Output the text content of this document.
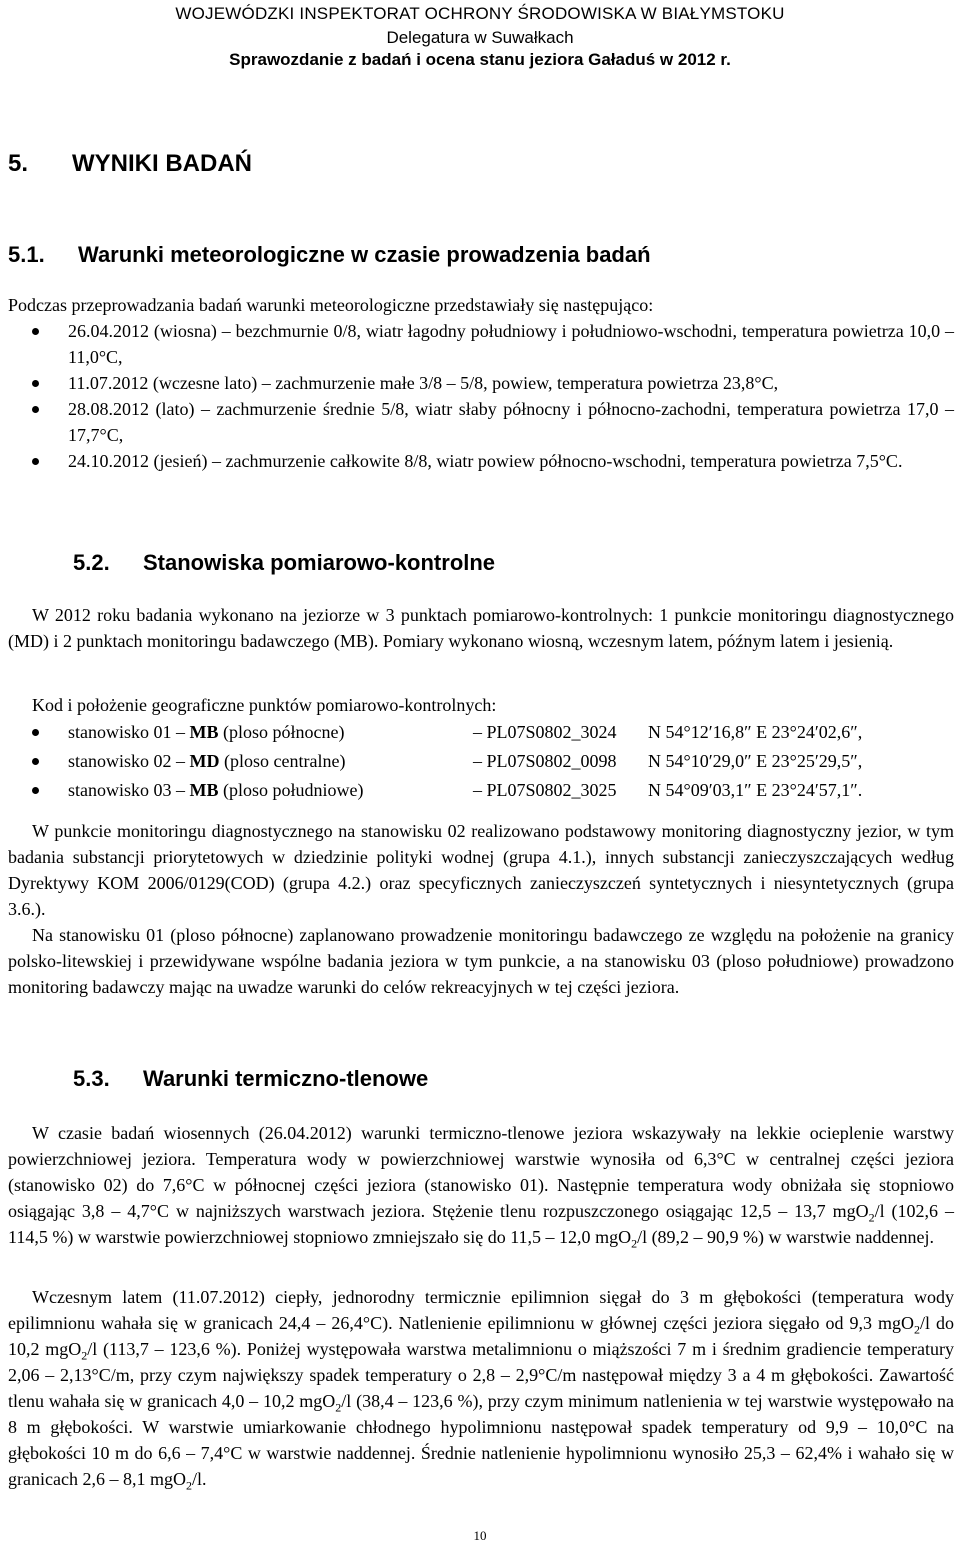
WOJEWÓDZKI INSPEKTORAT OCHRONY ŚRODOWISKA W BIAŁYMSTOKU
Delegatura w Suwałkach
Sprawozdanie z badań i ocena stanu jeziora Gaładuś w 2012 r.
5. WYNIKI BADAŃ
5.1. Warunki meteorologiczne w czasie prowadzenia badań

Podczas przeprowadzania badań warunki meteorologiczne przedstawiały się następująco:

26.04.2012 (wiosna) – bezchmurnie 0/8, wiatr łagodny południowy i południowo-wschodni, temperatura powietrza 10,0 – 11,0°C,
11.07.2012 (wczesne lato) – zachmurzenie małe 3/8 – 5/8, powiew, temperatura powietrza 23,8°C,
28.08.2012 (lato) – zachmurzenie średnie 5/8, wiatr słaby północny i północno-zachodni, temperatura powietrza 17,0 – 17,7°C,
24.10.2012 (jesień) – zachmurzenie całkowite 8/8, wiatr powiew północno-wschodni, temperatura powietrza 7,5°C.
5.2. Stanowiska pomiarowo-kontrolne

W 2012 roku badania wykonano na jeziorze w 3 punktach pomiarowo-kontrolnych: 1 punkcie monitoringu diagnostycznego (MD) i 2 punktach monitoringu badawczego (MB). Pomiary wykonano wiosną, wczesnym latem, późnym latem i jesienią.

Kod i położenie geograficzne punktów pomiarowo-kontrolnych:

stanowisko 01 – MB (ploso północne)	– PL07S0802_3024 N 54°12′16,8″ E 23°24′02,6″,
stanowisko 02 – MD (ploso centralne)	– PL07S0802_0098 N 54°10′29,0″ E 23°25′29,5″,
stanowisko 03 – MB (ploso południowe)	– PL07S0802_3025 N 54°09′03,1″ E 23°24′57,1″.

W punkcie monitoringu diagnostycznego na stanowisku 02 realizowano podstawowy monitoring diagnostyczny jezior, w tym badania substancji priorytetowych w dziedzinie polityki wodnej (grupa 4.1.), innych substancji zanieczyszczających według Dyrektywy KOM 2006/0129(COD) (grupa 4.2.) oraz specyficznych zanieczyszczeń syntetycznych i niesyntetycznych (grupa 3.6.).

Na stanowisku 01 (ploso północne) zaplanowano prowadzenie monitoringu badawczego ze względu na położenie na granicy polsko-litewskiej i przewidywane wspólne badania jeziora w tym punkcie, a na stanowisku 03 (ploso południowe) prowadzono monitoring badawczy mając na uwadze warunki do celów rekreacyjnych w tej części jeziora.

5.3. Warunki termiczno-tlenowe

W czasie badań wiosennych (26.04.2012) warunki termiczno-tlenowe jeziora wskazywały na lekkie ocieplenie warstwy powierzchniowej jeziora. Temperatura wody w powierzchniowej warstwie wynosiła od 6,3°C w centralnej części jeziora (stanowisko 02) do 7,6°C w północnej części jeziora (stanowisko 01). Następnie temperatura wody obniżała się stopniowo osiągając 3,8 – 4,7°C w najniższych warstwach jeziora. Stężenie tlenu rozpuszczonego osiągając 12,5 – 13,7 mgO$_2$/l (102,6 – 114,5 %) w warstwie powierzchniowej stopniowo zmniejszało się do 11,5 – 12,0 mgO$_2$/l (89,2 – 90,9 %) w warstwie naddennej.

Wczesnym latem (11.07.2012) ciepły, jednorodny termicznie epilimnion sięgał do 3 m głębokości (temperatura wody epilimnionu wahała się w granicach 24,4 – 26,4°C). Natlenienie epilimnionu w głównej części jeziora sięgało od 9,3 mgO$_2$/l do 10,2 mgO$_2$/l (113,7 – 123,6 %). Poniżej występowała warstwa metalimnionu o miąższości 7 m i średnim gradiencie temperatury 2,06 – 2,13°C/m, przy czym największy spadek temperatury o 2,8 – 2,9°C/m następował między 3 a 4 m głębokości. Zawartość tlenu wahała się w granicach 4,0 – 10,2 mgO$_2$/l (38,4 – 123,6 %), przy czym minimum natlenienia w tej warstwie występowało na 8 m głębokości. W warstwie umiarkowanie chłodnego hypolimnionu następował spadek temperatury od 9,9 – 10,0°C na głębokości 10 m do 6,6 – 7,4°C w warstwie naddennej. Średnie natlenienie hypolimnionu wynosiło 25,3 – 62,4% i wahało się w granicach 2,6 – 8,1 mgO$_2$/l.

10
